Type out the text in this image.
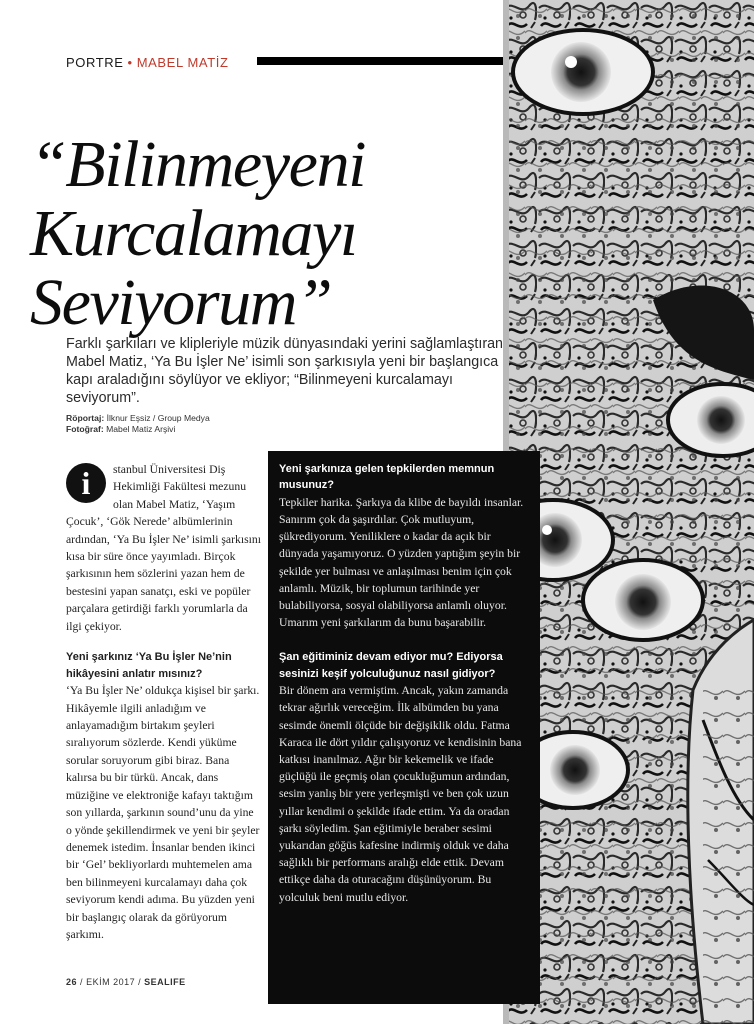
PORTRE • MABEL MATİZ
“Bilinmeyeni
Kurcalamayı
Seviyorum”

Farklı şarkıları ve klipleriyle müzik dünyasındaki yerini sağlamlaştıran Mabel Matiz, ‘Ya Bu İşler Ne’ isimli son şarkısıyla yeni bir başlangıca kapı araladığını söylüyor ve ekliyor; “Bilinmeyeni kurcalamayı seviyorum”.

Röportaj: İlknur Eşsiz / Group Medya
Fotoğraf: Mabel Matiz Arşivi

i	stanbul Üniversitesi Diş Hekimliği Fakültesi mezunu olan Mabel Matiz, ‘Yaşım Çocuk’, ‘Gök Nerede’ albümlerinin ardından, ‘Ya Bu İşler Ne’ isimli şarkısını kısa bir süre önce yayımladı. Birçok şarkısının hem sözlerini yazan hem de bestesini yapan sanatçı, eski ve popüler parçalara getirdiği farklı yorumlarla da ilgi çekiyor.

Yeni şarkınız ‘Ya Bu İşler Ne’nin hikâyesini anlatır mısınız?

‘Ya Bu İşler Ne’ oldukça kişisel bir şarkı. Hikâyemle ilgili anladığım ve anlayamadığım birtakım şeyleri sıralıyorum sözlerde. Kendi yüküme sorular soruyorum gibi biraz. Bana kalırsa bu bir türkü. Ancak, dans müziğine ve elektroniğe kafayı taktığım son yıllarda, şarkının sound’unu da yine o yönde şekillendirmek ve yeni bir şeyler denemek istedim. İnsanlar benden ikinci bir ‘Gel’ bekliyorlardı muhtemelen ama ben bilinmeyeni kurcalamayı daha çok seviyorum kendi adıma. Bu yüzden yeni bir başlangıç olarak da görüyorum şarkımı.

Yeni şarkınıza gelen tepkilerden memnun musunuz?

Tepkiler harika. Şarkıya da klibe de bayıldı insanlar. Sanırım çok da şaşırdılar. Çok mutluyum, şükrediyorum. Yeniliklere o kadar da açık bir dünyada yaşamıyoruz. O yüzden yaptığım şeyin bir şekilde yer bulması ve anlaşılması benim için çok anlamlı. Müzik, bir toplumun tarihinde yer bulabiliyorsa, sosyal olabiliyorsa anlamlı oluyor. Umarım yeni şarkılarım da bunu başarabilir.

Şan eğitiminiz devam ediyor mu? Ediyorsa sesinizi keşif yolculuğunuz nasıl gidiyor?

Bir dönem ara vermiştim. Ancak, yakın zamanda tekrar ağırlık vereceğim. İlk albümden bu yana sesimde önemli ölçüde bir değişiklik oldu. Fatma Karaca ile dört yıldır çalışıyoruz ve kendisinin bana katkısı inanılmaz. Ağır bir kekemelik ve ifade güçlüğü ile geçmiş olan çocukluğumun ardından, sesim yanlış bir yere yerleşmişti ve ben çok uzun yıllar kendimi o şekilde ifade ettim. Ya da oradan şarkı söyledim. Şan eğitimiyle beraber sesimi yukarıdan göğüs kafesine indirmiş olduk ve daha sağlıklı bir performans aralığı elde ettik. Devam ettikçe daha da oturacağını düşünüyorum. Bu yolculuk beni mutlu ediyor.

26 / EKİM 2017 / SEALIFE
